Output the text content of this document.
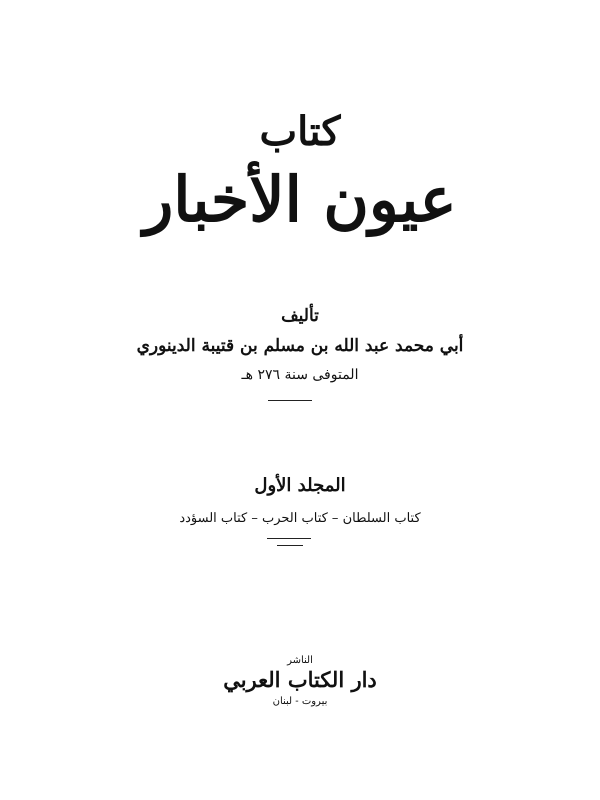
كتاب
عيون الأخبار
تأليف
أبي محمد عبد الله بن مسلم بن قتيبة الدينوري
المتوفى سنة ٢٧٦ هـ
المجلد الأول
كتاب السلطان – كتاب الحرب – كتاب السؤدد
الناشر
دار الكتاب العربي
بيروت - لبنان
